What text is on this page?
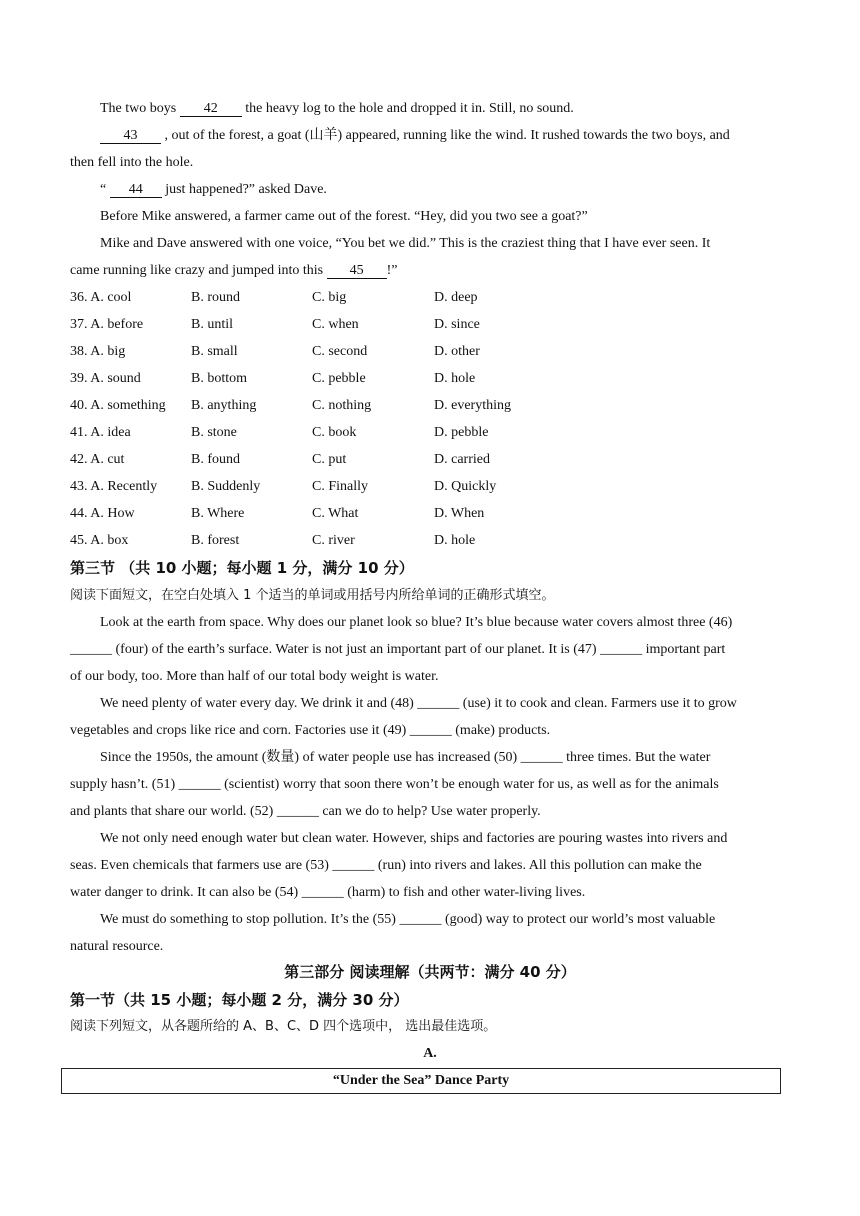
The two boys 42 the heavy log to the hole and dropped it in. Still, no sound.
43 , out of the forest, a goat (山羊) appeared, running like the wind. It rushed towards the two boys, and
then fell into the hole.
“ 44 just happened?” asked Dave.
Before Mike answered, a farmer came out of the forest. “Hey, did you two see a goat?”
Mike and Dave answered with one voice, “You bet we did.” This is the craziest thing that I have ever seen. It
came running like crazy and jumped into this 45 !”
36. A. cool	B. round	C. big	D. deep
37. A. before	B. until	C. when	D. since
38. A. big	B. small	C. second	D. other
39. A. sound	B. bottom	C. pebble	D. hole
40. A. something B. anything	C. nothing	D. everything
41. A. idea	B. stone	C. book	D. pebble
42. A. cut	B. found	C. put	D. carried
43. A. Recently B. Suddenly	C. Finally	D. Quickly
44. A. How	B. Where	C. What	D. When
45. A. box	B. forest	C. river	D. hole
第三节 （共 10 小题；每小题 1 分，满分 10 分）
阅读下面短文，在空白处填入 1 个适当的单词或用括号内所给单词的正确形式填空。
Look at the earth from space. Why does our planet look so blue? It’s blue because water covers almost three (46)
______ (four) of the earth’s surface. Water is not just an important part of our planet. It is (47) ______ important part
of our body, too. More than half of our total body weight is water.
We need plenty of water every day. We drink it and (48) ______ (use) it to cook and clean. Farmers use it to grow
vegetables and crops like rice and corn. Factories use it (49) ______ (make) products.
Since the 1950s, the amount (数量) of water people use has increased (50) ______ three times. But the water
supply hasn’t. (51) ______ (scientist) worry that soon there won’t be enough water for us, as well as for the animals
and plants that share our world. (52) ______ can we do to help? Use water properly.
We not only need enough water but clean water. However, ships and factories are pouring wastes into rivers and
seas. Even chemicals that farmers use are (53) ______ (run) into rivers and lakes. All this pollution can make the
water danger to drink. It can also be (54) ______ (harm) to fish and other water-living lives.
We must do something to stop pollution. It’s the (55) ______ (good) way to protect our world’s most valuable
natural resource.
第三部分 阅读理解（共两节：满分 40 分）
第一节（共 15 小题；每小题 2 分，满分 30 分）
阅读下列短文，从各题所给的 A、B、C、D 四个选项中， 选出最佳选项。
A.
“Under the Sea” Dance Party
